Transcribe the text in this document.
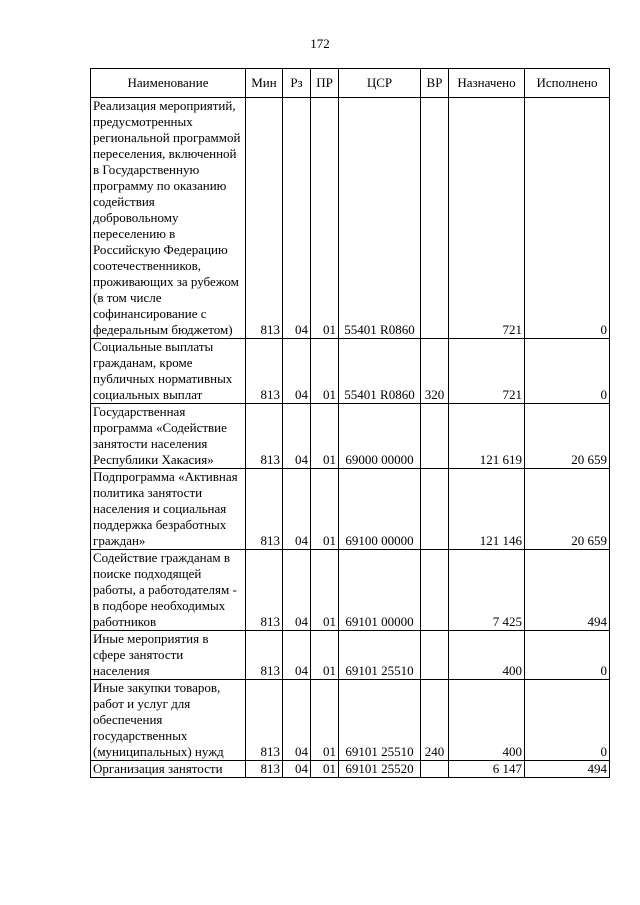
172
Наименование	Мин	Рз	ПР	ЦСР	ВР	Назначено	Исполнено
Реализация мероприятий, предусмотренных региональной программой переселения, включенной в Государственную программу по оказанию содействия добровольному переселению в Российскую Федерацию соотечественников, проживающих за рубежом (в том числе софинансирование с федеральным бюджетом)	813	04	01	55401 R0860		721	0
Социальные выплаты гражданам, кроме публичных нормативных социальных выплат	813	04	01	55401 R0860	320	721	0
Государственная программа «Содействие занятости населения Республики Хакасия»	813	04	01	69000 00000		121 619	20 659
Подпрограмма «Активная политика занятости населения и социальная поддержка безработных граждан»	813	04	01	69100 00000		121 146	20 659
Содействие гражданам в поиске подходящей работы, а работодателям - в подборе необходимых работников	813	04	01	69101 00000		7 425	494
Иные мероприятия в сфере занятости населения	813	04	01	69101 25510		400	0
Иные закупки товаров, работ и услуг для обеспечения государственных (муниципальных) нужд	813	04	01	69101 25510	240	400	0
Организация занятости	813	04	01	69101 25520		6 147	494
